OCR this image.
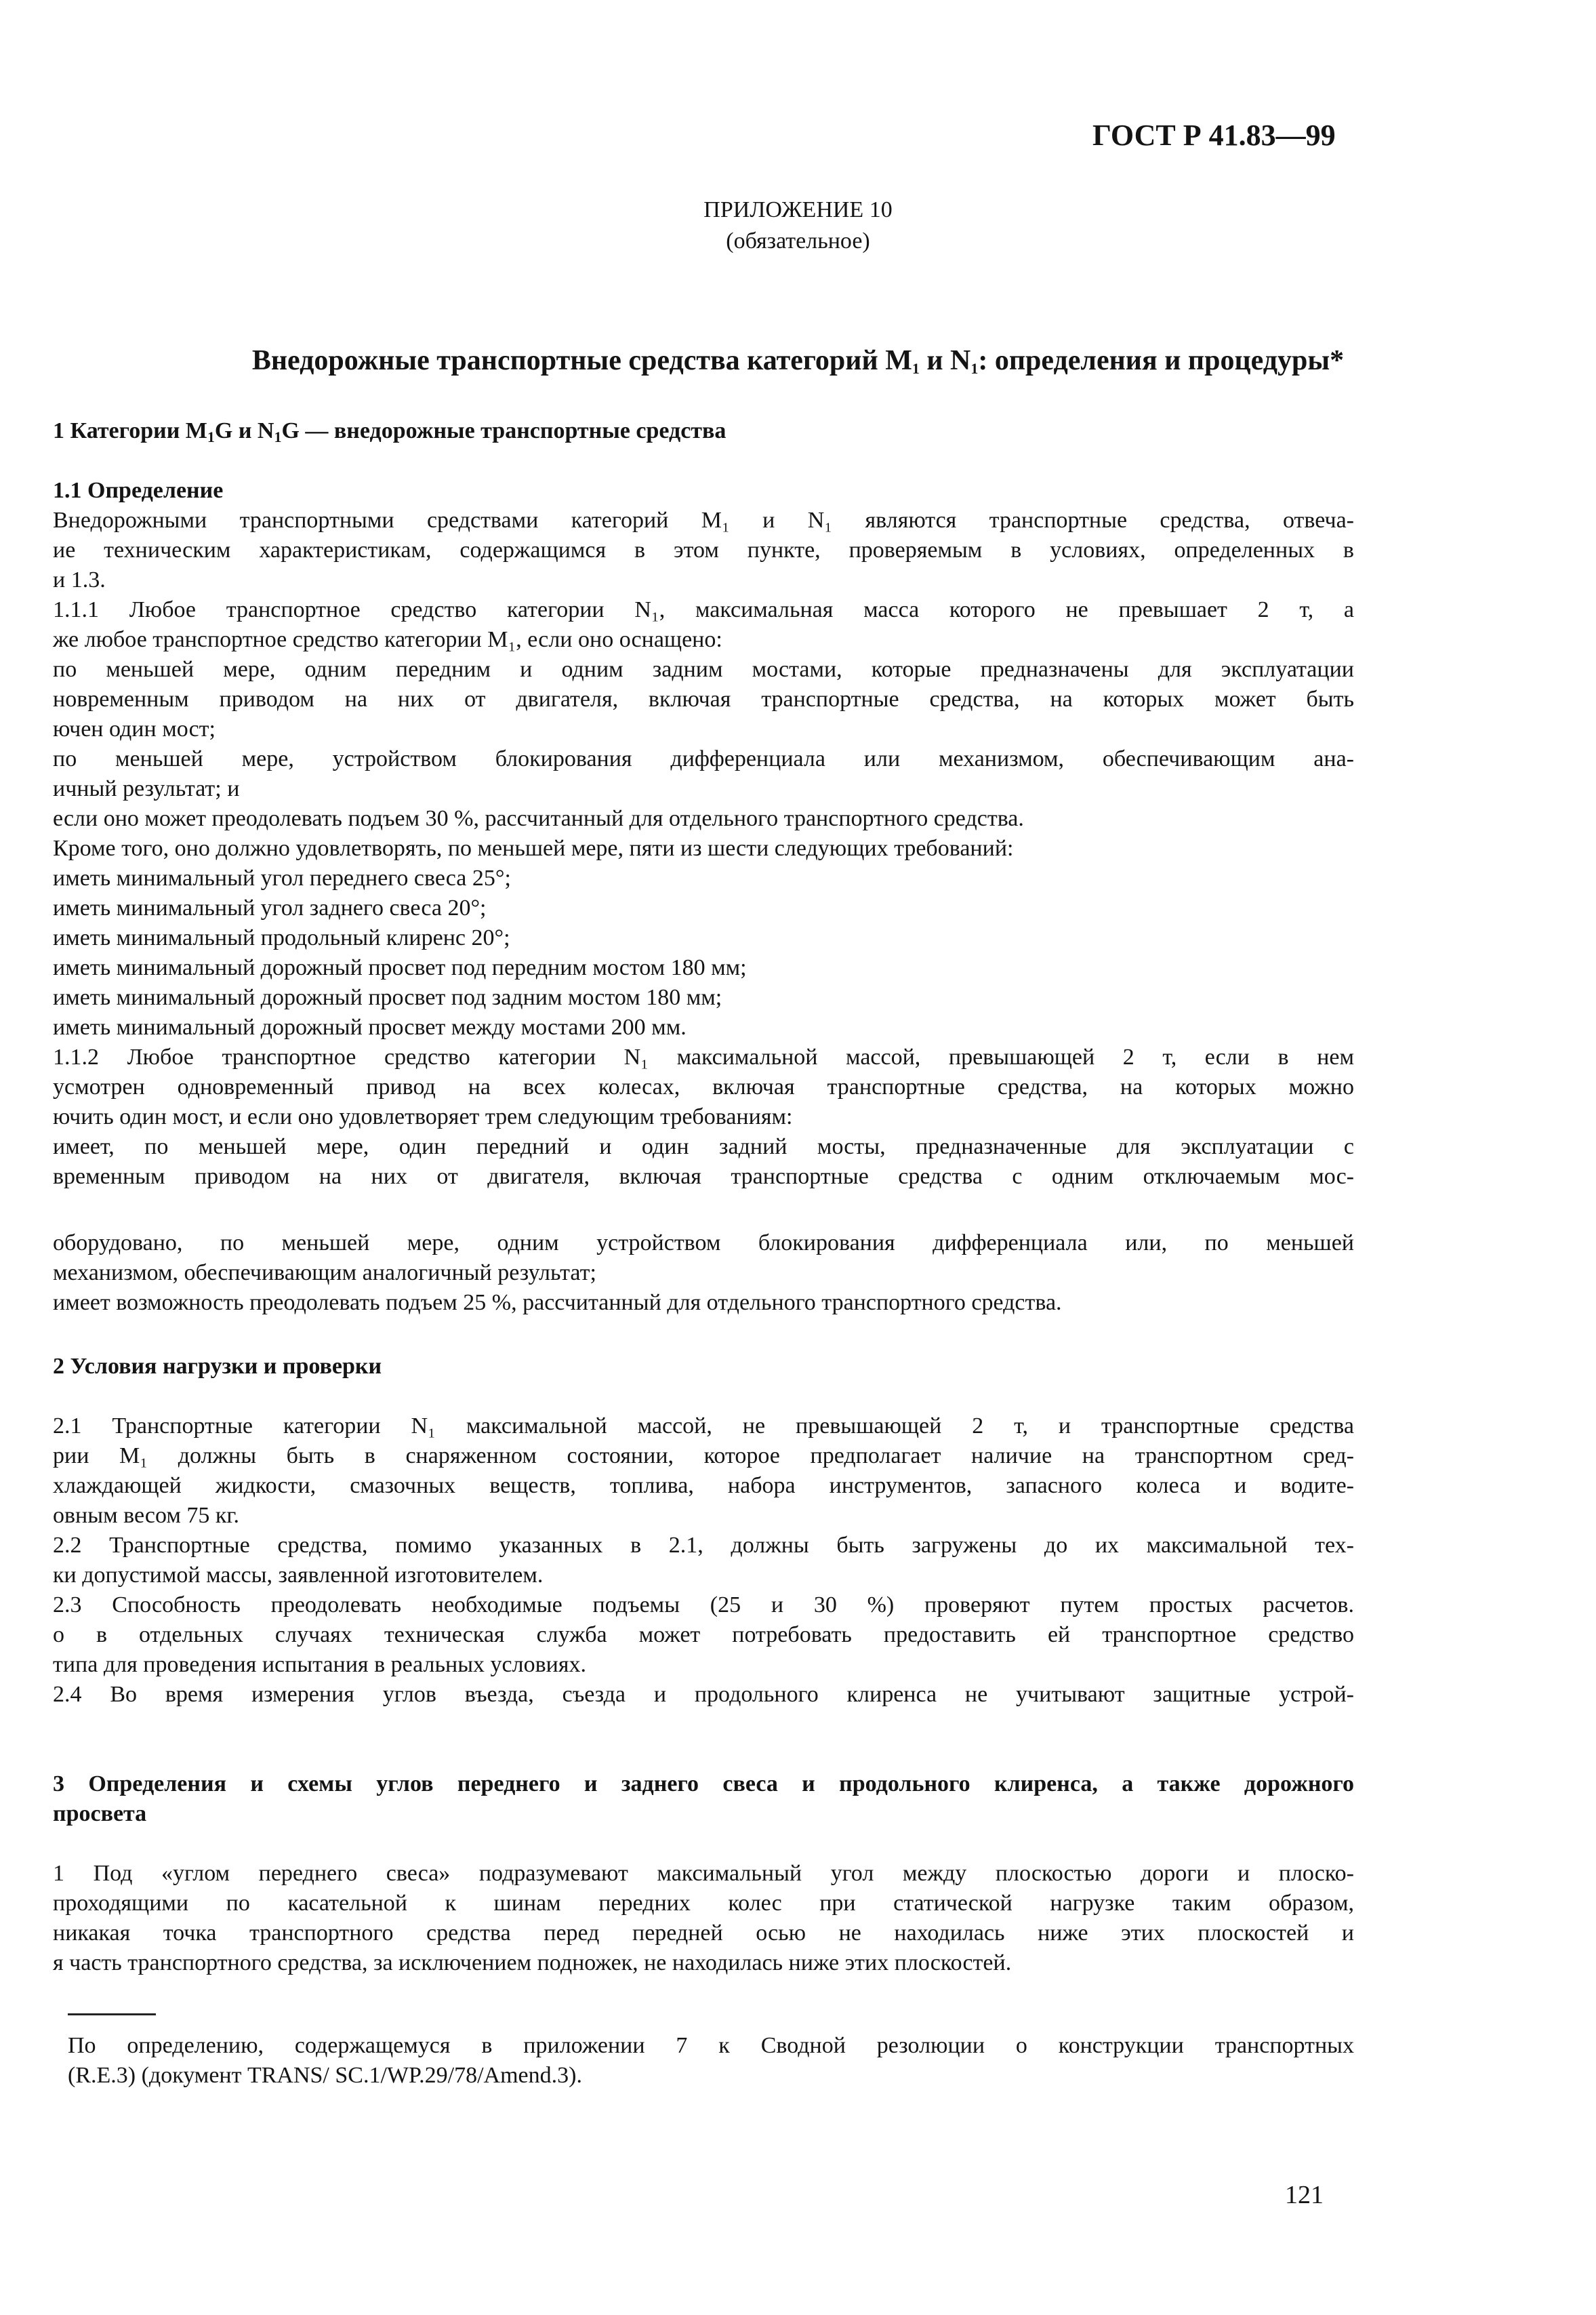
ГОСТ Р 41.83—99
ПРИЛОЖЕНИЕ 10
(обязательное)
Внедорожные транспортные средства категорий $M_1$ и $N_1$: определения и процедуры*
1 Категории $M_1G$ и $N_1G$ — внедорожные транспортные средства
1.1 Определение
Внедорожными транспортными средствами категорий M₁ и N₁ являются транспортные средства, отвеча-
ие техническим характеристикам, содержащимся в этом пункте, проверяемым в условиях, определенных в
и 1.3.
1.1.1 Любое транспортное средство категории N₁, максимальная масса которого не превышает 2 т, а
же любое транспортное средство категории M₁, если оно оснащено:
по меньшей мере, одним передним и одним задним мостами, которые предназначены для эксплуатации
новременным приводом на них от двигателя, включая транспортные средства, на которых может быть
ючен один мост;
по меньшей мере, устройством блокирования дифференциала или механизмом, обеспечивающим ана-
ичный результат; и
если оно может преодолевать подъем 30 %, рассчитанный для отдельного транспортного средства.
Кроме того, оно должно удовлетворять, по меньшей мере, пяти из шести следующих требований:
иметь минимальный угол переднего свеса 25°;
иметь минимальный угол заднего свеса 20°;
иметь минимальный продольный клиренс 20°;
иметь минимальный дорожный просвет под передним мостом 180 мм;
иметь минимальный дорожный просвет под задним мостом 180 мм;
иметь минимальный дорожный просвет между мостами 200 мм.
1.1.2 Любое транспортное средство категории N₁ максимальной массой, превышающей 2 т, если в нем
усмотрен одновременный привод на всех колесах, включая транспортные средства, на которых можно
ючить один мост, и если оно удовлетворяет трем следующим требованиям:
имеет, по меньшей мере, один передний и один задний мосты, предназначенные для эксплуатации с
временным приводом на них от двигателя, включая транспортные средства с одним отключаемым мос-
оборудовано, по меньшей мере, одним устройством блокирования дифференциала или, по меньшей
механизмом, обеспечивающим аналогичный результат;
имеет возможность преодолевать подъем 25 %, рассчитанный для отдельного транспортного средства.
2 Условия нагрузки и проверки
2.1 Транспортные категории N₁ максимальной массой, не превышающей 2 т, и транспортные средства
рии M₁ должны быть в снаряженном состоянии, которое предполагает наличие на транспортном сред-
хлаждающей жидкости, смазочных веществ, топлива, набора инструментов, запасного колеса и водите-
овным весом 75 кг.
2.2 Транспортные средства, помимо указанных в 2.1, должны быть загружены до их максимальной тех-
ки допустимой массы, заявленной изготовителем.
2.3 Способность преодолевать необходимые подъемы (25 и 30 %) проверяют путем простых расчетов.
о в отдельных случаях техническая служба может потребовать предоставить ей транспортное средство
типа для проведения испытания в реальных условиях.
2.4 Во время измерения углов въезда, съезда и продольного клиренса не учитывают защитные устрой-
3 Определения и схемы углов переднего и заднего свеса и продольного клиренса, а также дорожного
просвета
1 Под «углом переднего свеса» подразумевают максимальный угол между плоскостью дороги и плоско-
проходящими по касательной к шинам передних колес при статической нагрузке таким образом,
никакая точка транспортного средства перед передней осью не находилась ниже этих плоскостей и
я часть транспортного средства, за исключением подножек, не находилась ниже этих плоскостей.
По определению, содержащемуся в приложении 7 к Сводной резолюции о конструкции транспортных
(R.E.3) (документ TRANS/ SC.1/WP.29/78/Amend.3).
121
